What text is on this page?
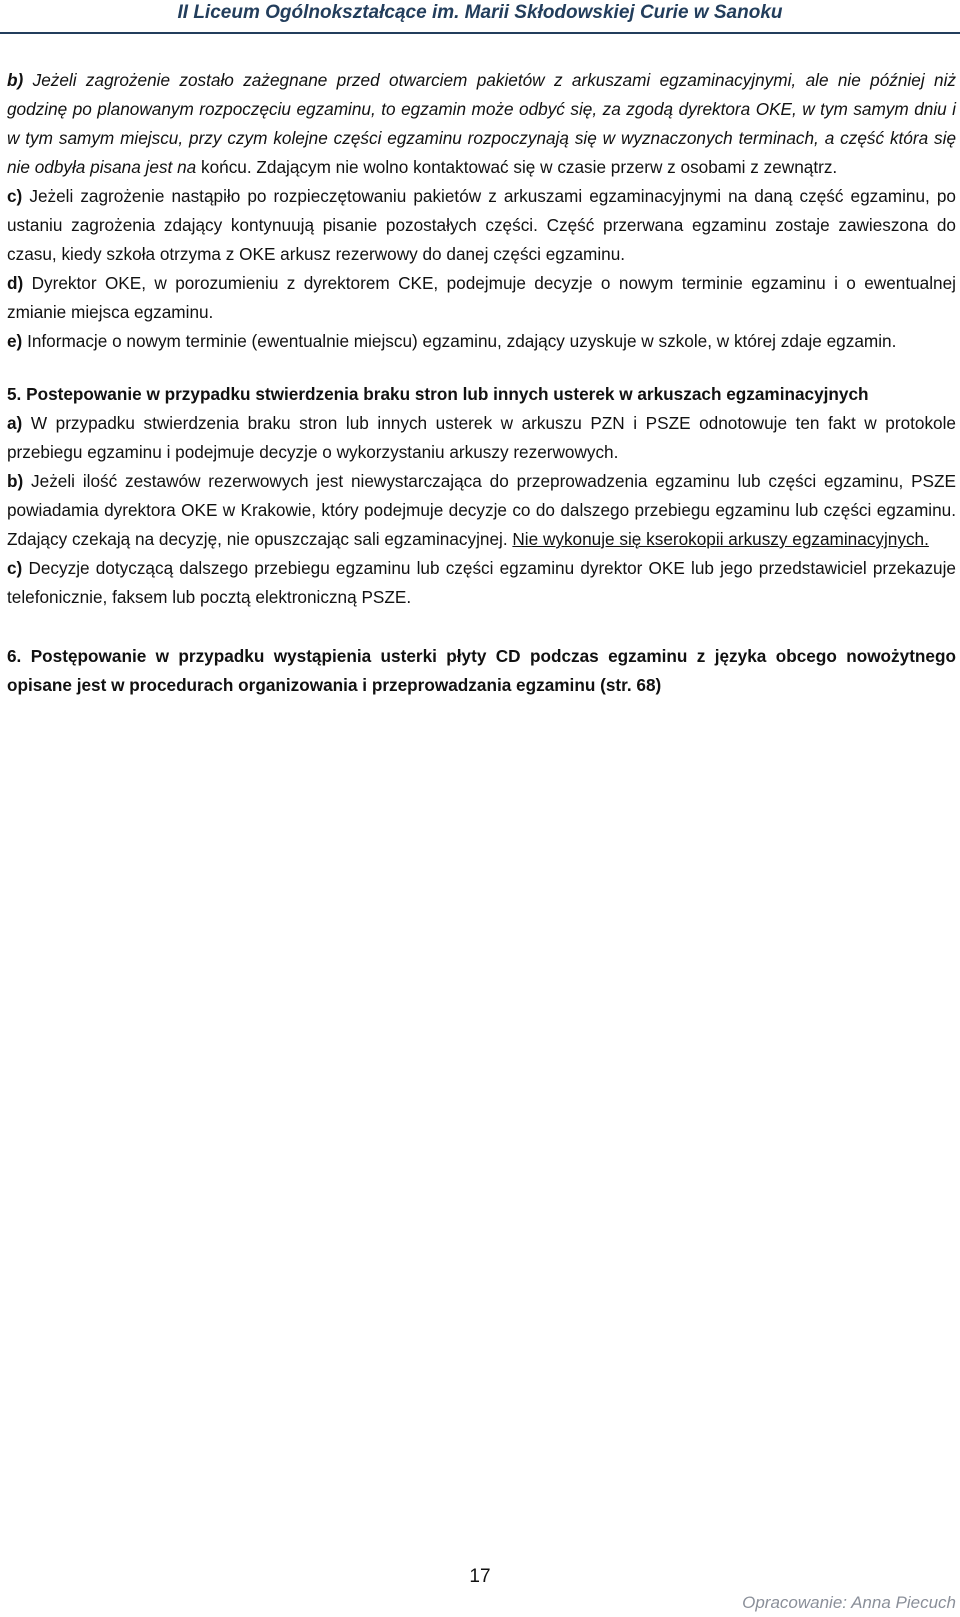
II Liceum Ogólnokształcące im. Marii Skłodowskiej Curie w Sanoku

b) Jeżeli zagrożenie zostało zażegnane przed otwarciem pakietów z arkuszami egzaminacyjnymi, ale nie później niż godzinę po planowanym rozpoczęciu egzaminu, to egzamin może odbyć się, za zgodą dyrektora OKE, w tym samym dniu i w tym samym miejscu, przy czym kolejne części egzaminu rozpoczynają się w wyznaczonych terminach, a część która się nie odbyła pisana jest na końcu. Zdającym nie wolno kontaktować się w czasie przerw z osobami z zewnątrz.

c) Jeżeli zagrożenie nastąpiło po rozpieczętowaniu pakietów z arkuszami egzaminacyjnymi na daną część egzaminu, po ustaniu zagrożenia zdający kontynuują pisanie pozostałych części. Część przerwana egzaminu zostaje zawieszona do czasu, kiedy szkoła otrzyma z OKE arkusz rezerwowy do danej części egzaminu.

d) Dyrektor OKE, w porozumieniu z dyrektorem CKE, podejmuje decyzje o nowym terminie egzaminu i o ewentualnej zmianie miejsca egzaminu.

e) Informacje o nowym terminie (ewentualnie miejscu) egzaminu, zdający uzyskuje w szkole, w której zdaje egzamin.

5. Postepowanie w przypadku stwierdzenia braku stron lub innych usterek w arkuszach egzaminacyjnych

a) W przypadku stwierdzenia braku stron lub innych usterek w arkuszu PZN i PSZE odnotowuje ten fakt w protokole przebiegu egzaminu i podejmuje decyzje o wykorzystaniu arkuszy rezerwowych.

b) Jeżeli ilość zestawów rezerwowych jest niewystarczająca do przeprowadzenia egzaminu lub części egzaminu, PSZE powiadamia dyrektora OKE w Krakowie, który podejmuje decyzje co do dalszego przebiegu egzaminu lub części egzaminu. Zdający czekają na decyzję, nie opuszczając sali egzaminacyjnej. Nie wykonuje się kserokopii arkuszy egzaminacyjnych.

c) Decyzje dotyczącą dalszego przebiegu egzaminu lub części egzaminu dyrektor OKE lub jego przedstawiciel przekazuje telefonicznie, faksem lub pocztą elektroniczną PSZE.

6. Postępowanie w przypadku wystąpienia usterki płyty CD podczas egzaminu z języka obcego nowożytnego opisane jest w procedurach organizowania i przeprowadzania egzaminu (str. 68)

17
Opracowanie: Anna Piecuch
